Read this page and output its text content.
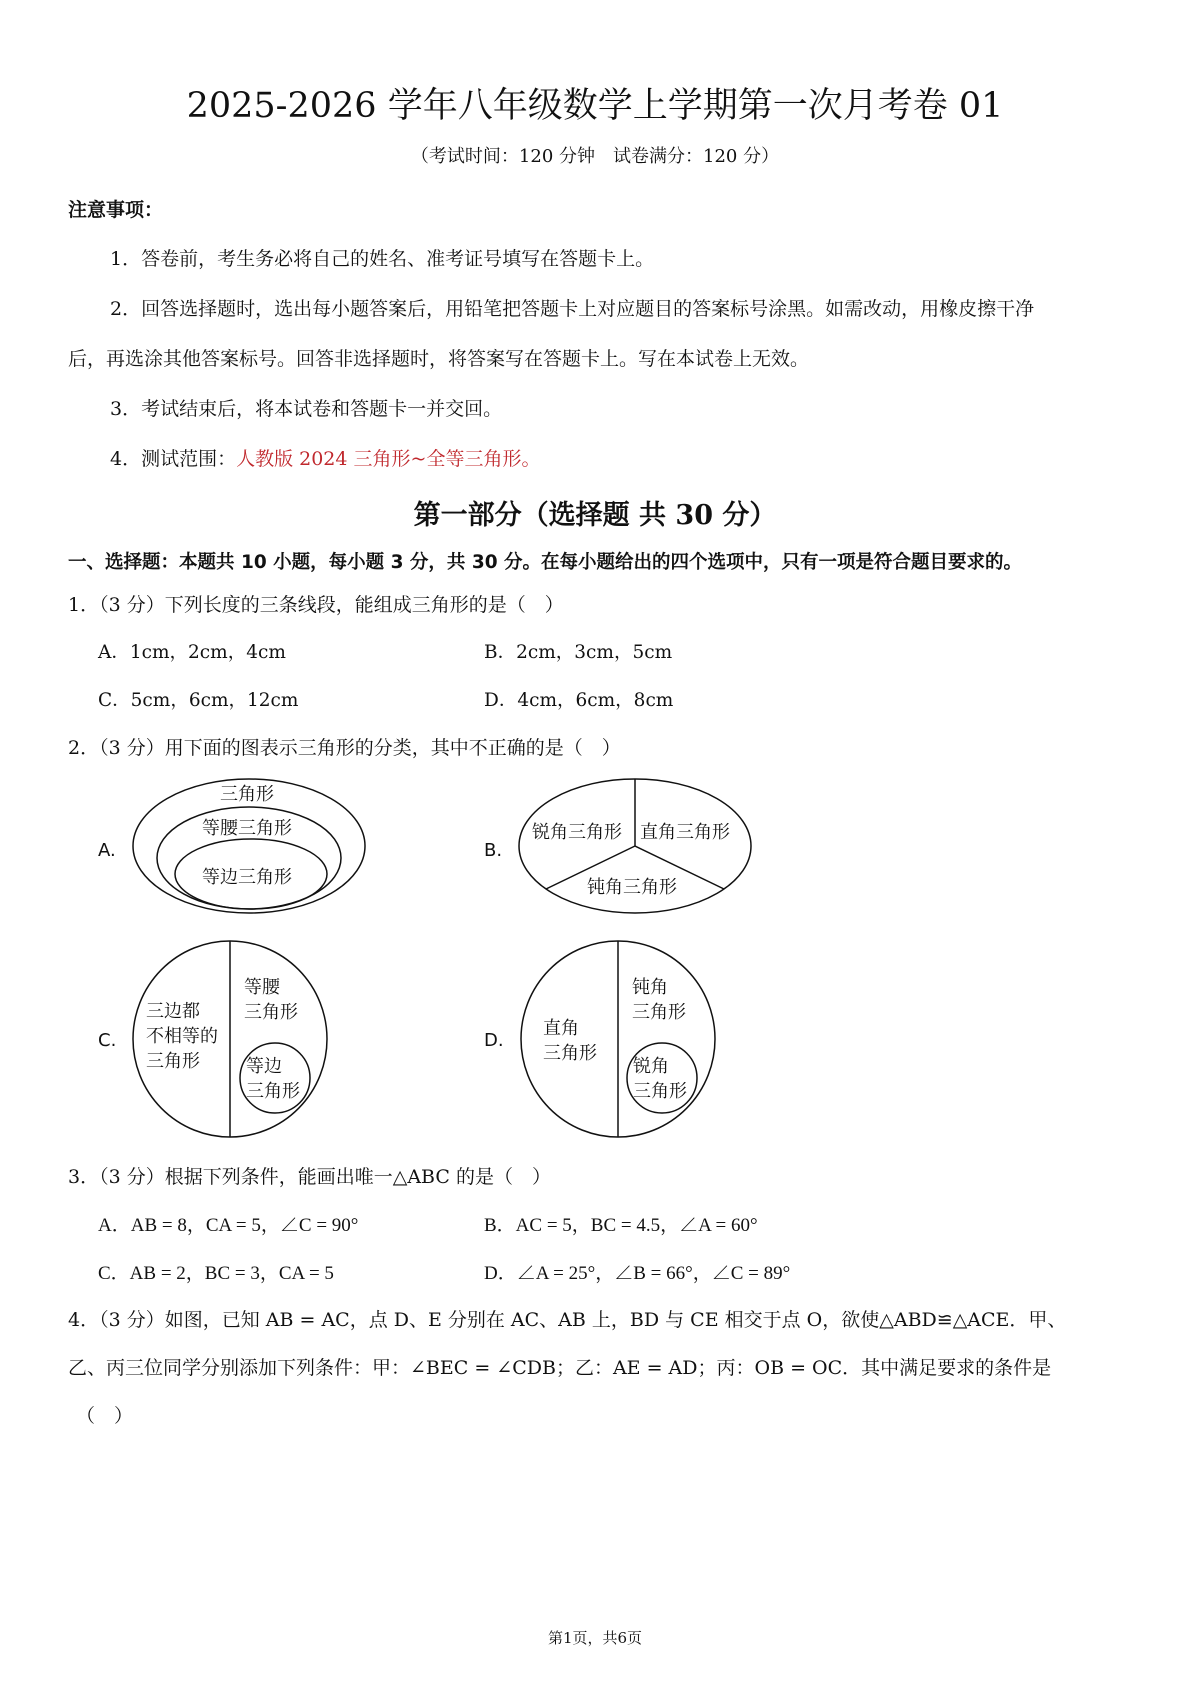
2025-2026 学年八年级数学上学期第一次月考卷 01
（考试时间：120 分钟　试卷满分：120 分）
注意事项：
1．答卷前，考生务必将自己的姓名、准考证号填写在答题卡上。
2．回答选择题时，选出每小题答案后，用铅笔把答题卡上对应题目的答案标号涂黑。如需改动，用橡皮擦干净
后，再选涂其他答案标号。回答非选择题时，将答案写在答题卡上。写在本试卷上无效。
3．考试结束后，将本试卷和答题卡一并交回。
4．测试范围：人教版 2024 三角形~全等三角形。
第一部分（选择题 共 30 分）
一、选择题：本题共 10 小题，每小题 3 分，共 30 分。在每小题给出的四个选项中，只有一项是符合题目要求的。
1．（3 分）下列长度的三条线段，能组成三角形的是（　）
A．1cm，2cm，4cm	B．2cm，3cm，5cm
C．5cm，6cm，12cm	D．4cm，6cm，8cm
2．（3 分）用下面的图表示三角形的分类，其中不正确的是（　）
A.	B.
C.	D.
三角形
等腰三角形
等边三角形
锐角三角形 直角三角形
钝角三角形
三边都
不相等的
三角形
等腰
三角形
等边
三角形
直角
三角形
钝角
三角形
锐角
三角形
3．（3 分）根据下列条件，能画出唯一△ABC 的是（　）
A．AB = 8，CA = 5，∠C = 90°	B．AC = 5，BC = 4.5，∠A = 60°
C．AB = 2，BC = 3，CA = 5	D．∠A = 25°，∠B = 66°，∠C = 89°
4．（3 分）如图，已知 AB = AC，点 D、E 分别在 AC、AB 上，BD 与 CE 相交于点 O，欲使△ABD≌△ACE．甲、
乙、丙三位同学分别添加下列条件：甲：∠BEC = ∠CDB；乙：AE = AD；丙：OB = OC．其中满足要求的条件是
（　）
第1页，共6页
